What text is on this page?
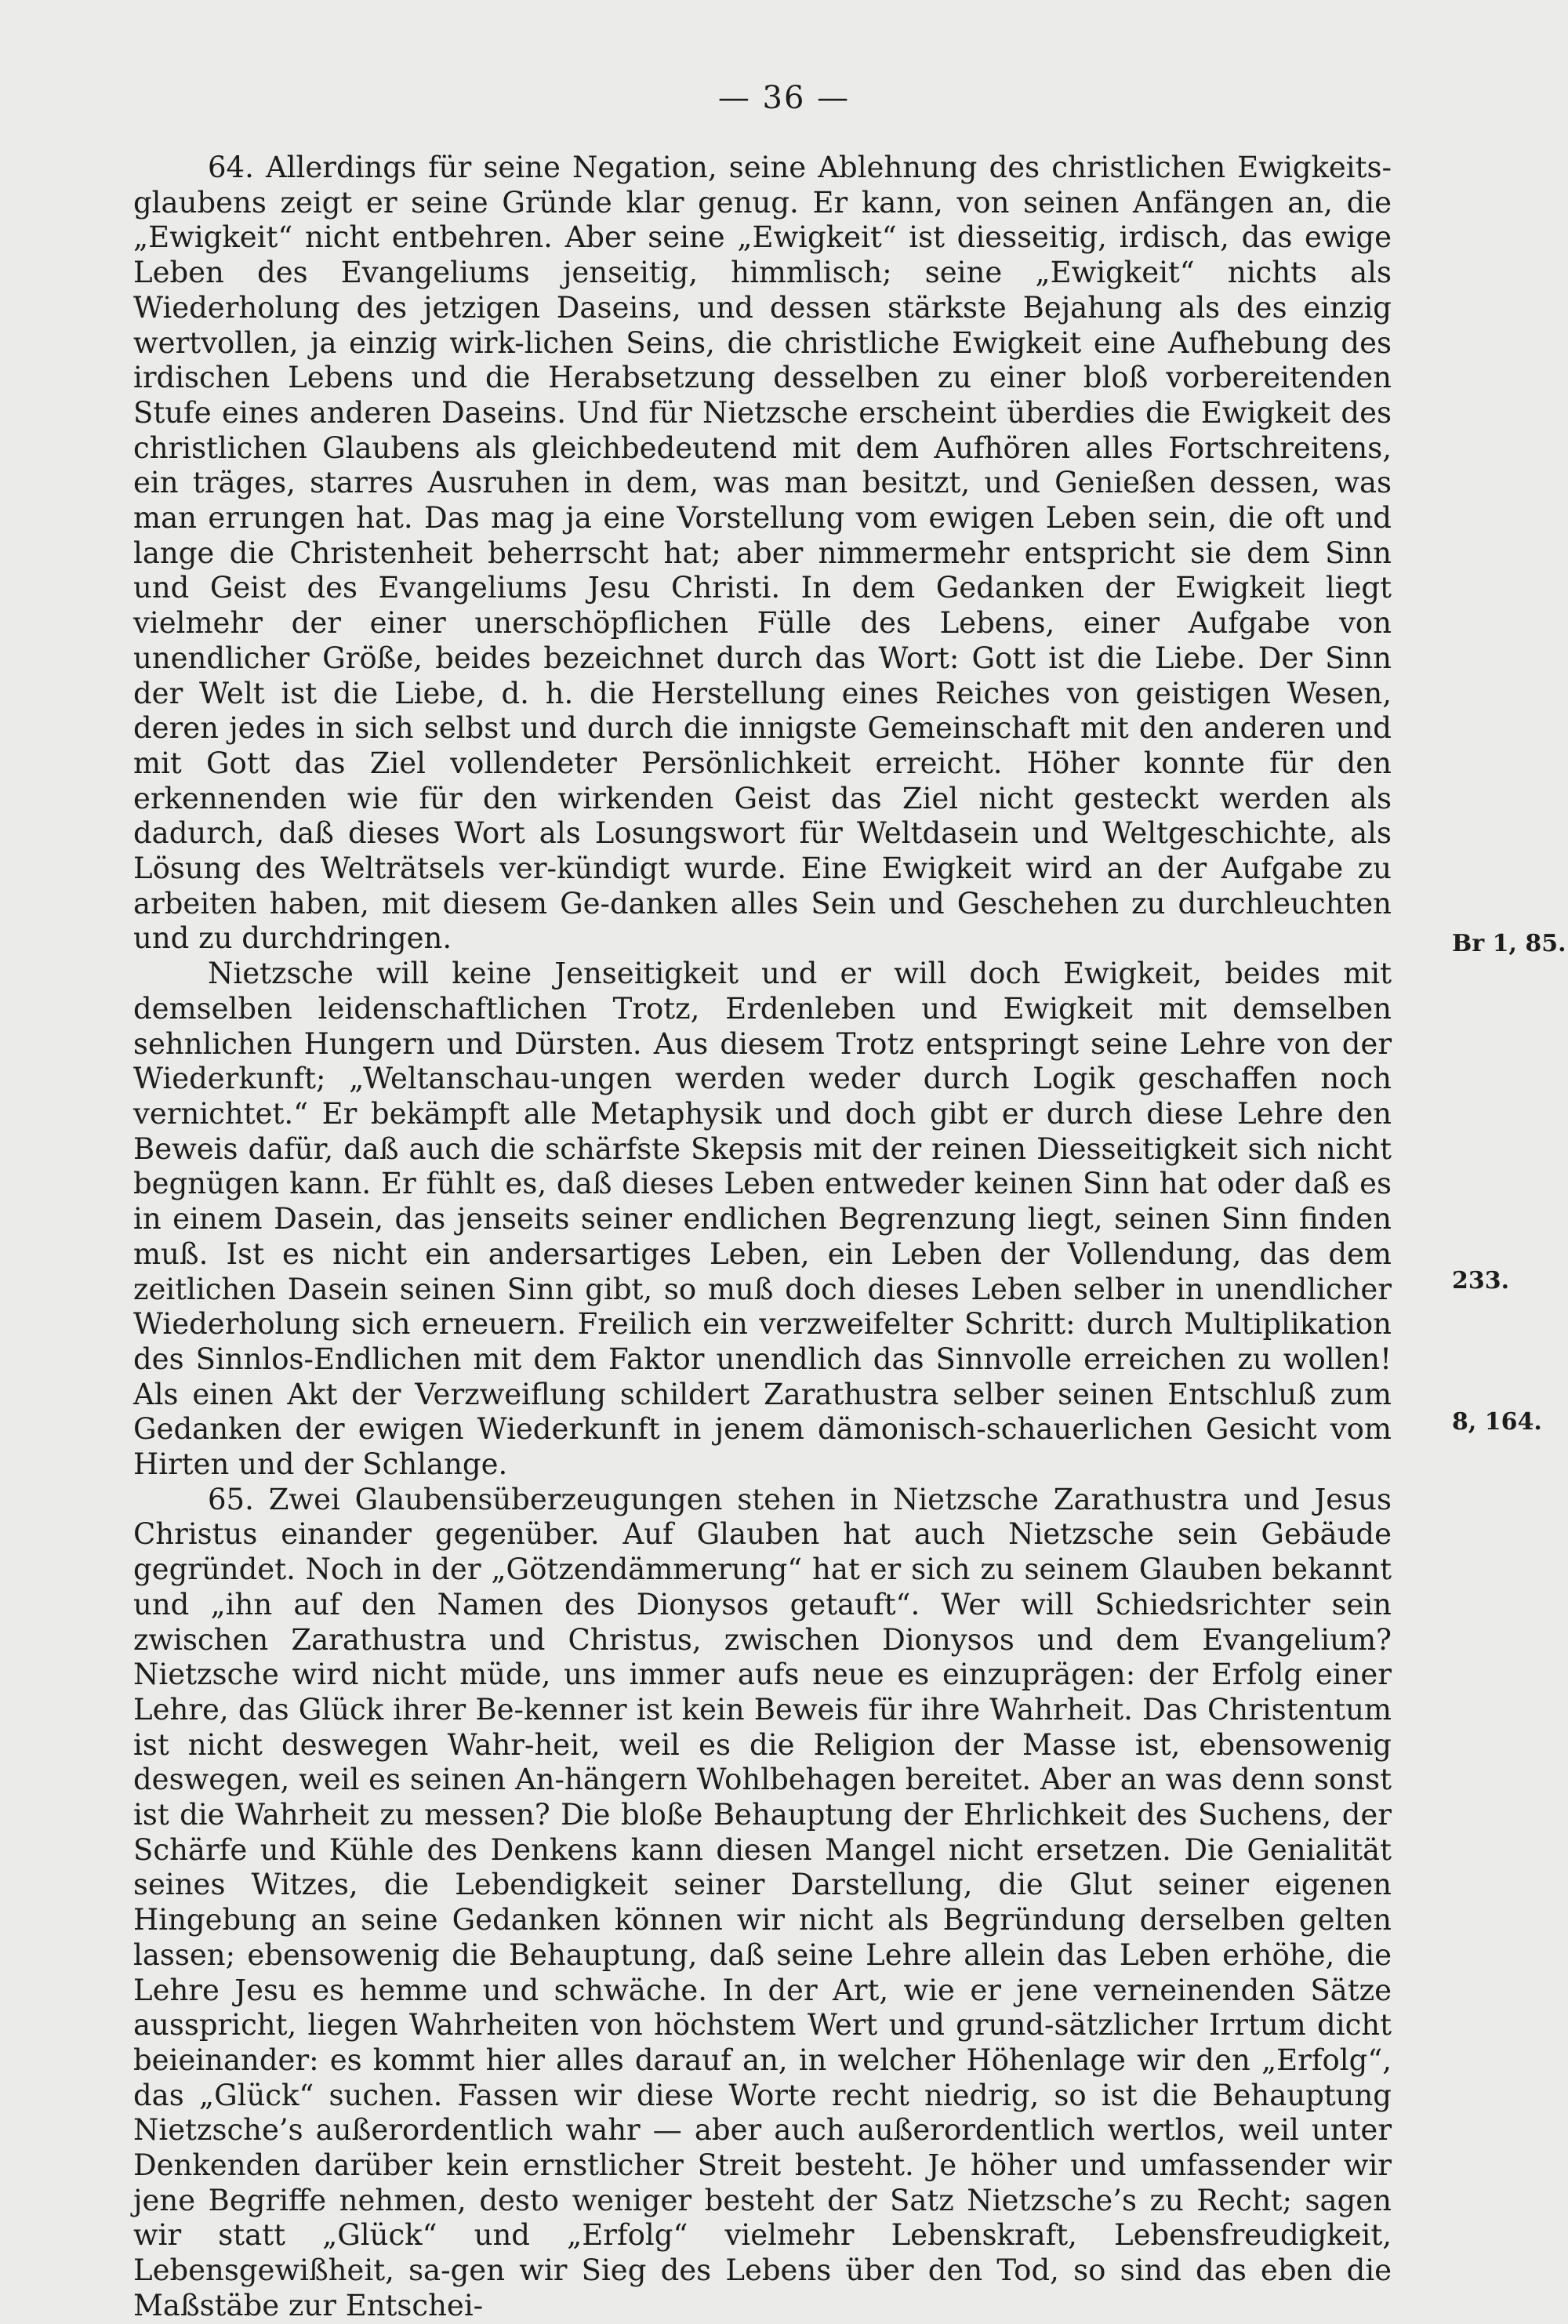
— 36 —

64. Allerdings für seine Negation, seine Ablehnung des christlichen Ewigkeits-glaubens zeigt er seine Gründe klar genug. Er kann, von seinen Anfängen an, die „Ewigkeit“ nicht entbehren. Aber seine „Ewigkeit“ ist diesseitig, irdisch, das ewige Leben des Evangeliums jenseitig, himmlisch; seine „Ewigkeit“ nichts als Wiederholung des jetzigen Daseins, und dessen stärkste Bejahung als des einzig wertvollen, ja einzig wirk-lichen Seins, die christliche Ewigkeit eine Aufhebung des irdischen Lebens und die Herabsetzung desselben zu einer bloß vorbereitenden Stufe eines anderen Daseins. Und für Nietzsche erscheint überdies die Ewigkeit des christlichen Glaubens als gleichbedeutend mit dem Aufhören alles Fortschreitens, ein träges, starres Ausruhen in dem, was man besitzt, und Genießen dessen, was man errungen hat. Das mag ja eine Vorstellung vom ewigen Leben sein, die oft und lange die Christenheit beherrscht hat; aber nimmermehr entspricht sie dem Sinn und Geist des Evangeliums Jesu Christi. In dem Gedanken der Ewigkeit liegt vielmehr der einer unerschöpflichen Fülle des Lebens, einer Aufgabe von unendlicher Größe, beides bezeichnet durch das Wort: Gott ist die Liebe. Der Sinn der Welt ist die Liebe, d. h. die Herstellung eines Reiches von geistigen Wesen, deren jedes in sich selbst und durch die innigste Gemeinschaft mit den anderen und mit Gott das Ziel vollendeter Persönlichkeit erreicht. Höher konnte für den erkennenden wie für den wirkenden Geist das Ziel nicht gesteckt werden als dadurch, daß dieses Wort als Losungswort für Weltdasein und Weltgeschichte, als Lösung des Welträtsels ver-kündigt wurde. Eine Ewigkeit wird an der Aufgabe zu arbeiten haben, mit diesem Ge-danken alles Sein und Geschehen zu durchleuchten und zu durchdringen.

Nietzsche will keine Jenseitigkeit und er will doch Ewigkeit, beides mit demselben leidenschaftlichen Trotz, Erdenleben und Ewigkeit mit demselben sehnlichen Hungern und Dürsten. Aus diesem Trotz entspringt seine Lehre von der Wiederkunft; „Weltanschau-ungen werden weder durch Logik geschaffen noch vernichtet.“ Er bekämpft alle Metaphysik und doch gibt er durch diese Lehre den Beweis dafür, daß auch die schärfste Skepsis mit der reinen Diesseitigkeit sich nicht begnügen kann. Er fühlt es, daß dieses Leben entweder keinen Sinn hat oder daß es in einem Dasein, das jenseits seiner endlichen Begrenzung liegt, seinen Sinn finden muß. Ist es nicht ein andersartiges Leben, ein Leben der Vollendung, das dem zeitlichen Dasein seinen Sinn gibt, so muß doch dieses Leben selber in unendlicher Wiederholung sich erneuern. Freilich ein verzweifelter Schritt: durch Multiplikation des Sinnlos-Endlichen mit dem Faktor unendlich das Sinnvolle erreichen zu wollen! Als einen Akt der Verzweiflung schildert Zarathustra selber seinen Entschluß zum Gedanken der ewigen Wiederkunft in jenem dämonisch-schauerlichen Gesicht vom Hirten und der Schlange.

65. Zwei Glaubensüberzeugungen stehen in Nietzsche Zarathustra und Jesus Christus einander gegenüber. Auf Glauben hat auch Nietzsche sein Gebäude gegründet. Noch in der „Götzendämmerung“ hat er sich zu seinem Glauben bekannt und „ihn auf den Namen des Dionysos getauft“. Wer will Schiedsrichter sein zwischen Zarathustra und Christus, zwischen Dionysos und dem Evangelium? Nietzsche wird nicht müde, uns immer aufs neue es einzuprägen: der Erfolg einer Lehre, das Glück ihrer Be-kenner ist kein Beweis für ihre Wahrheit. Das Christentum ist nicht deswegen Wahr-heit, weil es die Religion der Masse ist, ebensowenig deswegen, weil es seinen An-hängern Wohlbehagen bereitet. Aber an was denn sonst ist die Wahrheit zu messen? Die bloße Behauptung der Ehrlichkeit des Suchens, der Schärfe und Kühle des Denkens kann diesen Mangel nicht ersetzen. Die Genialität seines Witzes, die Lebendigkeit seiner Darstellung, die Glut seiner eigenen Hingebung an seine Gedanken können wir nicht als Begründung derselben gelten lassen; ebensowenig die Behauptung, daß seine Lehre allein das Leben erhöhe, die Lehre Jesu es hemme und schwäche. In der Art, wie er jene verneinenden Sätze ausspricht, liegen Wahrheiten von höchstem Wert und grund-sätzlicher Irrtum dicht beieinander: es kommt hier alles darauf an, in welcher Höhenlage wir den „Erfolg“, das „Glück“ suchen. Fassen wir diese Worte recht niedrig, so ist die Behauptung Nietzsche’s außerordentlich wahr — aber auch außerordentlich wertlos, weil unter Denkenden darüber kein ernstlicher Streit besteht. Je höher und umfassender wir jene Begriffe nehmen, desto weniger besteht der Satz Nietzsche’s zu Recht; sagen wir statt „Glück“ und „Erfolg“ vielmehr Lebenskraft, Lebensfreudigkeit, Lebensgewißheit, sa-gen wir Sieg des Lebens über den Tod, so sind das eben die Maßstäbe zur Entschei-

Br 1, 85.
233.
8, 164.
